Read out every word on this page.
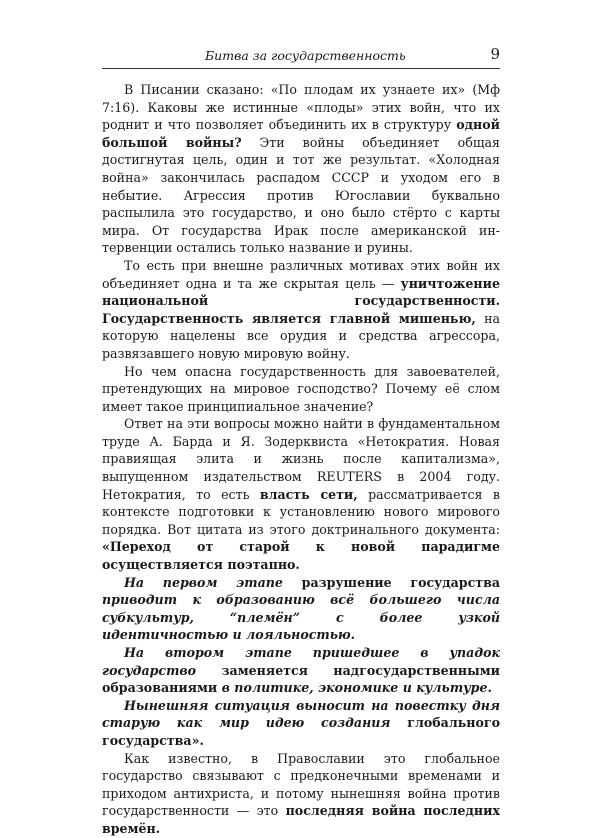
Битва за государственность	9

В Писании сказано: «По плодам их узнаете их» (Мф 7:16). Каковы же истинные «плоды» этих войн, что их роднит и что позволяет объединить их в структуру одной большой войны? Эти войны объединяет общая достигнутая цель, один и тот же результат. «Холодная война» закончилась распадом СССР и уходом его в небытие. Агрессия против Югославии буквально распылила это государство, и оно было стёрто с карты мира. От государства Ирак после американской интервенции остались только название и руины.

То есть при внешне различных мотивах этих войн их объединяет одна и та же скрытая цель — уничтожение национальной государственности. Государственность является главной мишенью, на которую нацелены все орудия и средства агрессора, развязавшего новую мировую войну.

Но чем опасна государственность для завоевателей, претендующих на мировое господство? Почему её слом имеет такое принципиальное значение?

Ответ на эти вопросы можно найти в фундаментальном труде А. Барда и Я. Зодерквиста «Нетократия. Новая правиящая элита и жизнь после капитализма», выпущенном издательством REUTERS в 2004 году. Нетократия, то есть власть сети, рассматривается в контексте подготовки к установлению нового мирового порядка. Вот цитата из этого доктринального документа: «Переход от старой к новой парадигме осуществляется поэтапно.

На первом этапе разрушение государства приводит к образованию всё большего числа субкультур, “племён” с более узкой идентичностью и лояльностью.

На втором этапе пришедшее в упадок государство заменяется надгосударственными образованиями в политике, экономике и культуре.

Нынешняя ситуация выносит на повестку дня старую как мир идею создания глобального государства».

Как известно, в Православии это глобальное государство связывают с предконечными временами и приходом антихриста, и потому нынешняя война против государственности — это последняя война последних времён.
